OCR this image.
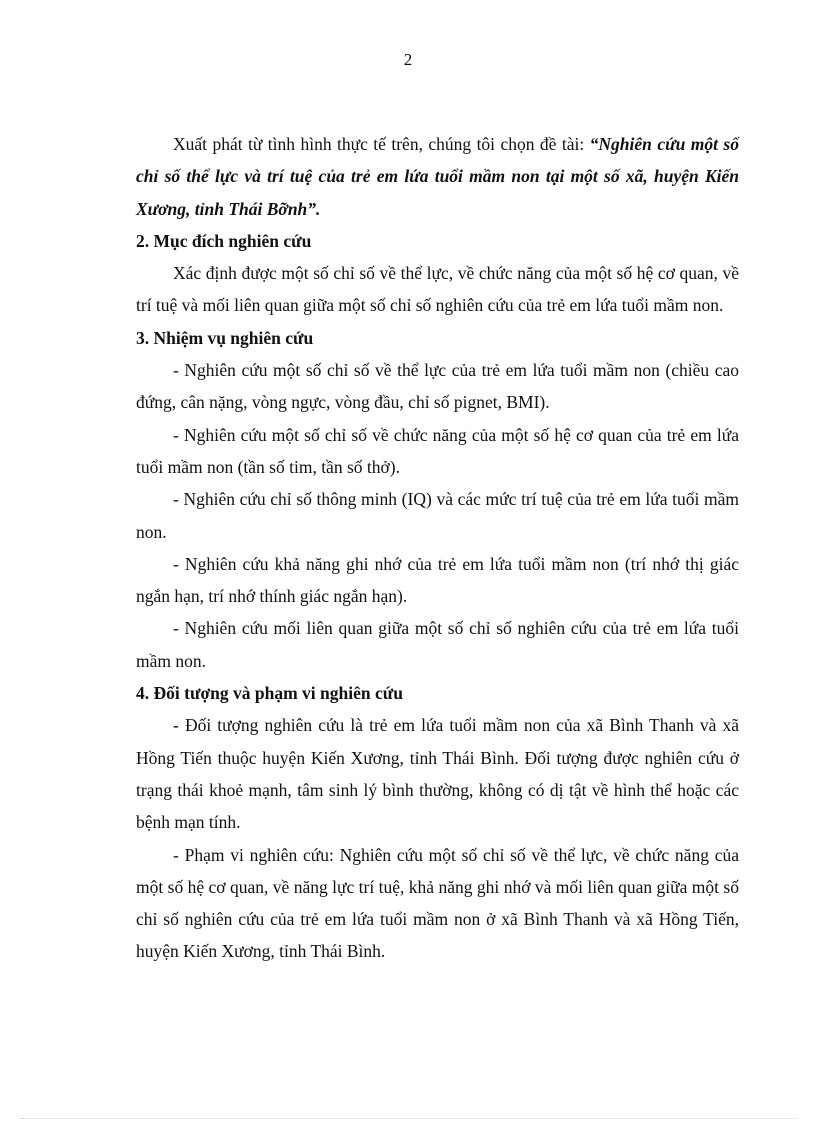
2

Xuất phát từ tình hình thực tế trên, chúng tôi chọn đề tài: “Nghiên cứu một số chỉ số thể lực và trí tuệ của trẻ em lứa tuổi mầm non tại một số xã, huyện Kiến Xương, tỉnh Thái Bỡnh”.

2. Mục đích nghiên cứu

Xác định được một số chỉ số về thể lực, về chức năng của một số hệ cơ quan, về trí tuệ và mối liên quan giữa một số chỉ số nghiên cứu của trẻ em lứa tuổi mầm non.

3. Nhiệm vụ nghiên cứu

- Nghiên cứu một số chỉ số về thể lực của trẻ em lứa tuổi mầm non (chiều cao đứng, cân nặng, vòng ngực, vòng đầu, chỉ số pignet, BMI).

- Nghiên cứu một số chỉ số về chức năng của một số hệ cơ quan của trẻ em lứa tuổi mầm non (tần số tim, tần số thở).

- Nghiên cứu chỉ số thông minh (IQ) và các mức trí tuệ của trẻ em lứa tuổi mầm non.

- Nghiên cứu khả năng ghi nhớ của trẻ em lứa tuổi mầm non (trí nhớ thị giác ngắn hạn, trí nhớ thính giác ngắn hạn).

- Nghiên cứu mối liên quan giữa một số chỉ số nghiên cứu của trẻ em lứa tuổi mầm non.

4. Đối tượng và phạm vi nghiên cứu

- Đối tượng nghiên cứu là trẻ em lứa tuổi mầm non của xã Bình Thanh và xã Hồng Tiến thuộc huyện Kiến Xương, tỉnh Thái Bình. Đối tượng được nghiên cứu ở trạng thái khoẻ mạnh, tâm sinh lý bình thường, không có dị tật về hình thể hoặc các bệnh mạn tính.

- Phạm vi nghiên cứu: Nghiên cứu một số chỉ số về thể lực, về chức năng của một số hệ cơ quan, về năng lực trí tuệ, khả năng ghi nhớ và mối liên quan giữa một số chỉ số nghiên cứu của trẻ em lứa tuổi mầm non ở xã Bình Thanh và xã Hồng Tiến, huyện Kiến Xương, tỉnh Thái Bình.
